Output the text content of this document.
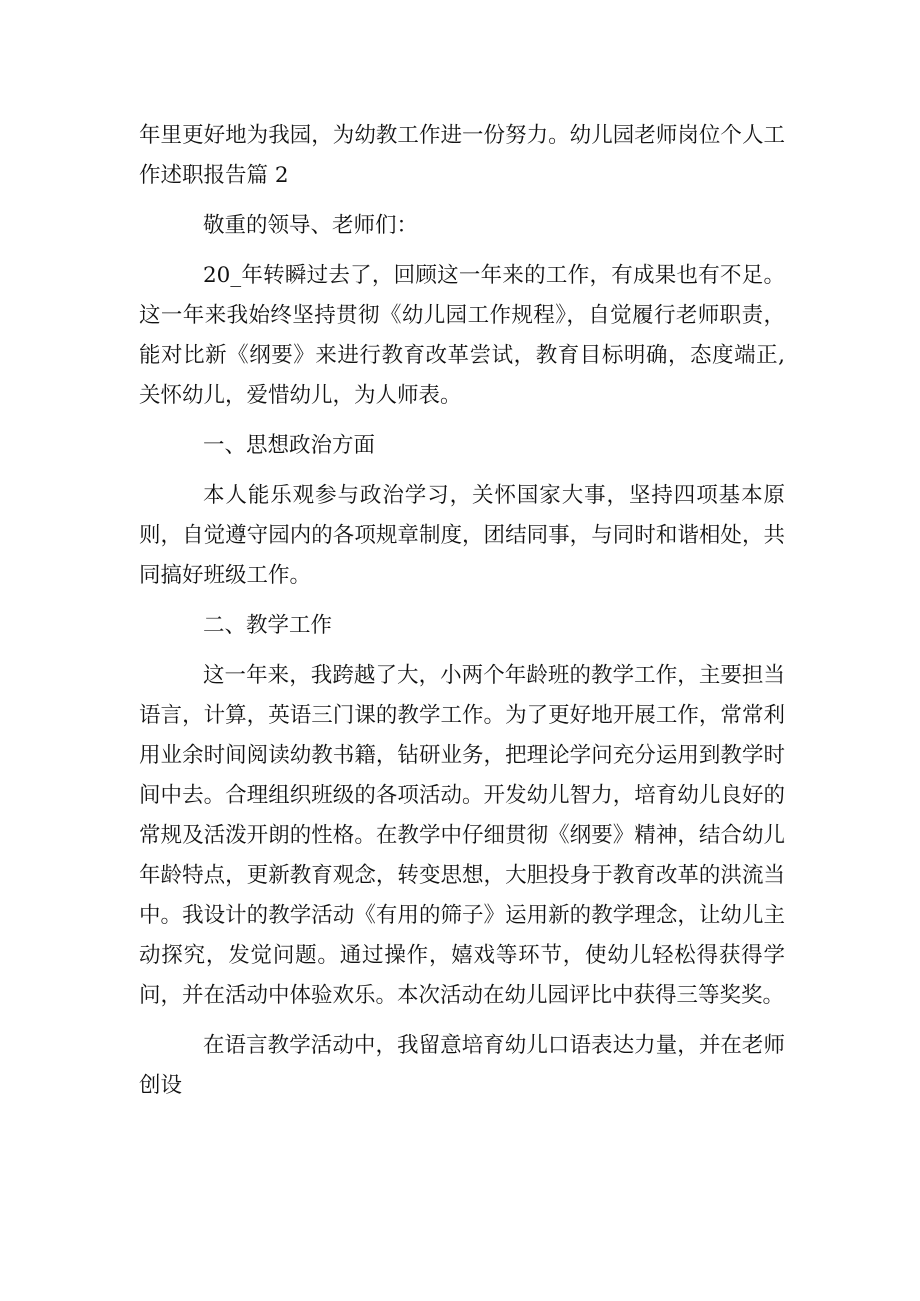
年里更好地为我园，为幼教工作进一份努力。幼儿园老师岗位个人工作述职报告篇 2

敬重的领导、老师们：

20_年转瞬过去了，回顾这一年来的工作，有成果也有不足。这一年来我始终坚持贯彻《幼儿园工作规程》，自觉履行老师职责，能对比新《纲要》来进行教育改革尝试，教育目标明确，态度端正,关怀幼儿，爱惜幼儿，为人师表。

一、思想政治方面

本人能乐观参与政治学习，关怀国家大事，坚持四项基本原则，自觉遵守园内的各项规章制度，团结同事，与同时和谐相处，共同搞好班级工作。

二、教学工作

这一年来，我跨越了大，小两个年龄班的教学工作，主要担当语言，计算，英语三门课的教学工作。为了更好地开展工作，常常利用业余时间阅读幼教书籍，钻研业务，把理论学问充分运用到教学时间中去。合理组织班级的各项活动。开发幼儿智力，培育幼儿良好的常规及活泼开朗的性格。在教学中仔细贯彻《纲要》精神，结合幼儿年龄特点，更新教育观念，转变思想，大胆投身于教育改革的洪流当中。我设计的教学活动《有用的筛子》运用新的教学理念，让幼儿主动探究，发觉问题。通过操作，嬉戏等环节，使幼儿轻松得获得学问，并在活动中体验欢乐。本次活动在幼儿园评比中获得三等奖奖。

在语言教学活动中，我留意培育幼儿口语表达力量，并在老师创设
